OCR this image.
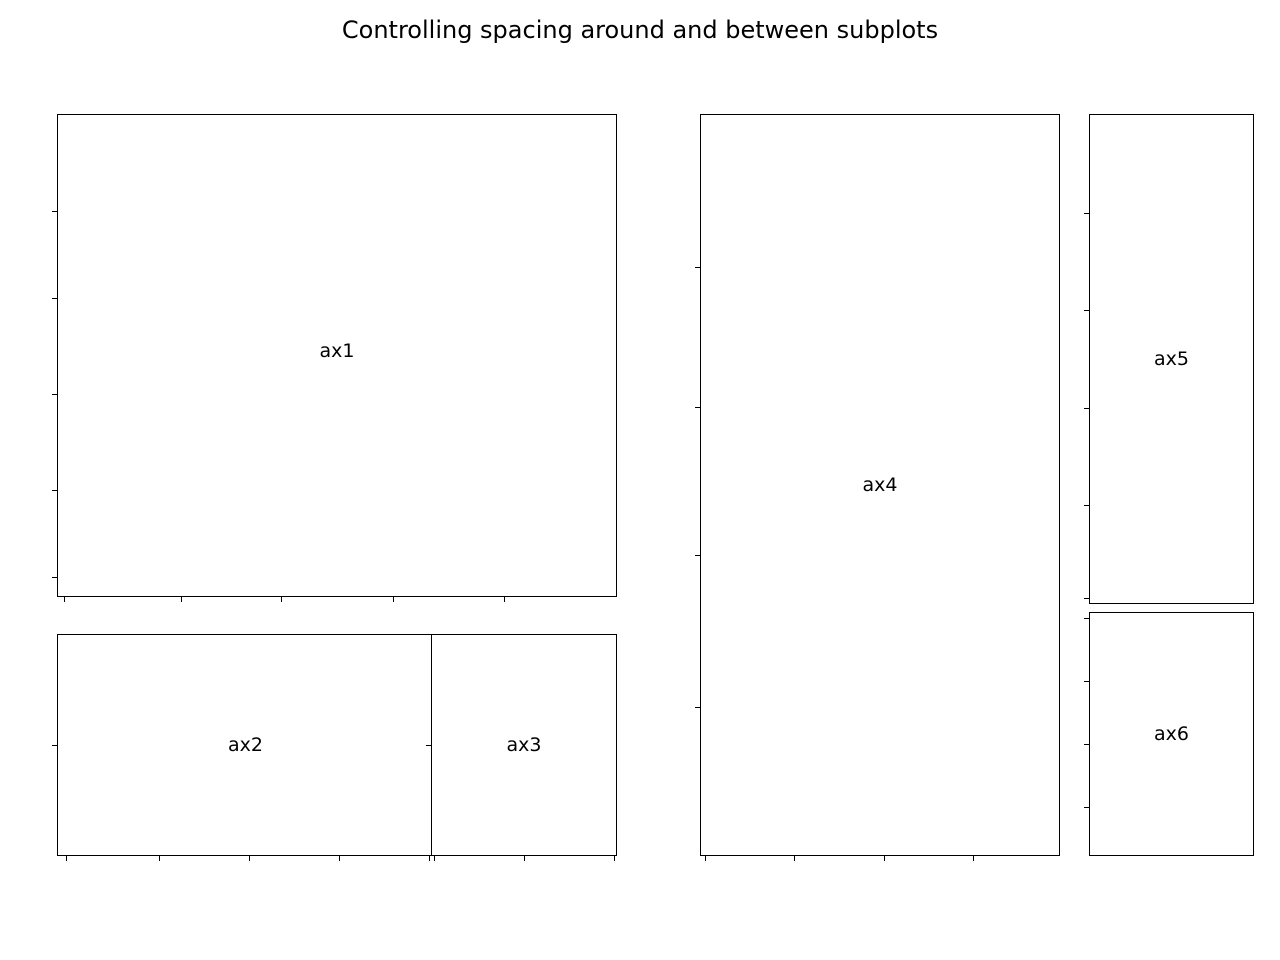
Controlling spacing around and between subplots
ax1
ax2	ax3
ax4
ax5
ax6
